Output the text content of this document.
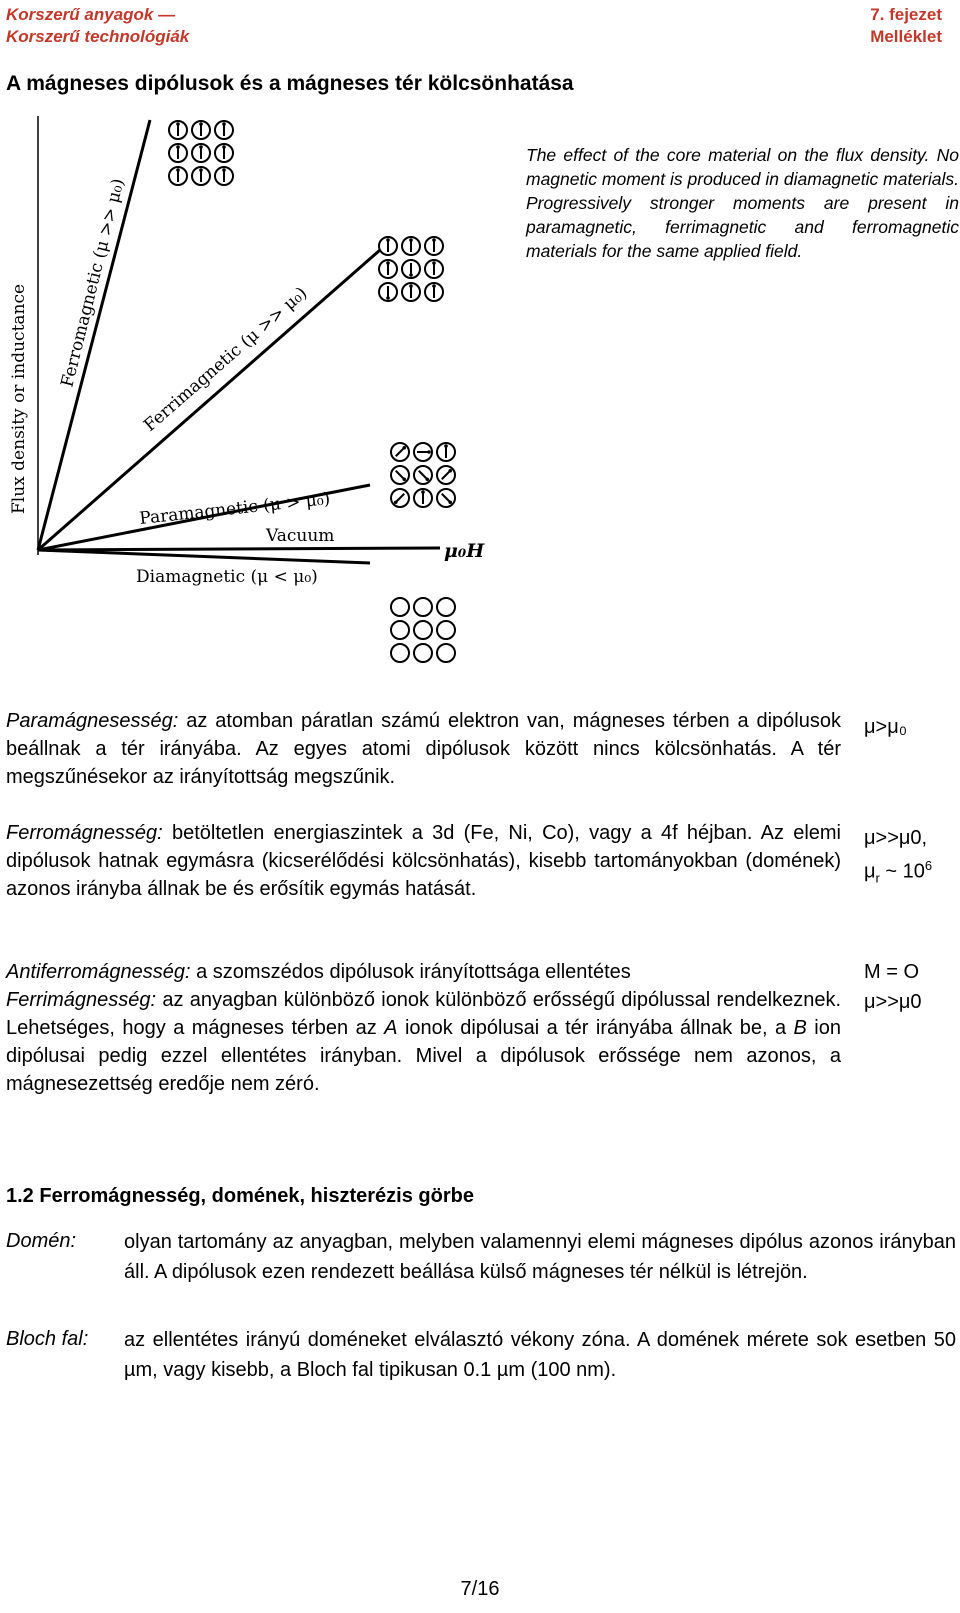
Korszerű anyagok —
Korszerű technológiák
7. fejezet
Melléklet
A mágneses dipólusok és a mágneses tér kölcsönhatása
Flux density or inductance
μ₀H
Ferromagnetic (μ >> μ₀) Ferrimagnetic (μ >> μ₀)
Paramagnetic (μ > μ₀)
Vacuum
Diamagnetic (μ < μ₀)
The effect of the core material on the flux density. No magnetic moment is produced in diamagnetic materials. Progressively stronger moments are present in paramagnetic, ferrimagnetic and ferromagnetic materials for the same applied field.
Paramágnesesség: az atomban páratlan számú elektron van, mágneses térben a dipólusok beállnak a tér irányába. Az egyes atomi dipólusok között nincs kölcsönhatás. A tér megszűnésekor az irányítottság megszűnik.
μ>μ₀
Ferromágnesség: betöltetlen energiaszintek a 3d (Fe, Ni, Co), vagy a 4f héjban. Az elemi dipólusok hatnak egymásra (kicserélődési kölcsönhatás), kisebb tartományokban (domének) azonos irányba állnak be és erősítik egymás hatását.
μ>>μ0,
$\mu_r$ ~ $10^6$
Antiferromágnesség: a szomszédos dipólusok irányítottsága ellentétes	M = O
Ferrimágnesség: az anyagban különböző ionok különböző erősségű dipólussal rendelkeznek. Lehetséges, hogy a mágneses térben az A ionok dipólusai a tér irányába állnak be, a B ion dipólusai pedig ezzel ellentétes irányban. Mivel a dipólusok erőssége nem azonos, a mágnesezettség eredője nem zéró.
μ>>μ0
1.2 Ferromágnesség, domének, hiszterézis görbe
Domén: olyan tartomány az anyagban, melyben valamennyi elemi mágneses dipólus azonos irányban áll. A dipólusok ezen rendezett beállása külső mágneses tér nélkül is létrejön.
Bloch fal: az ellentétes irányú doméneket elválasztó vékony zóna. A domének mérete sok esetben 50 µm, vagy kisebb, a Bloch fal tipikusan 0.1 µm (100 nm).
7/16
